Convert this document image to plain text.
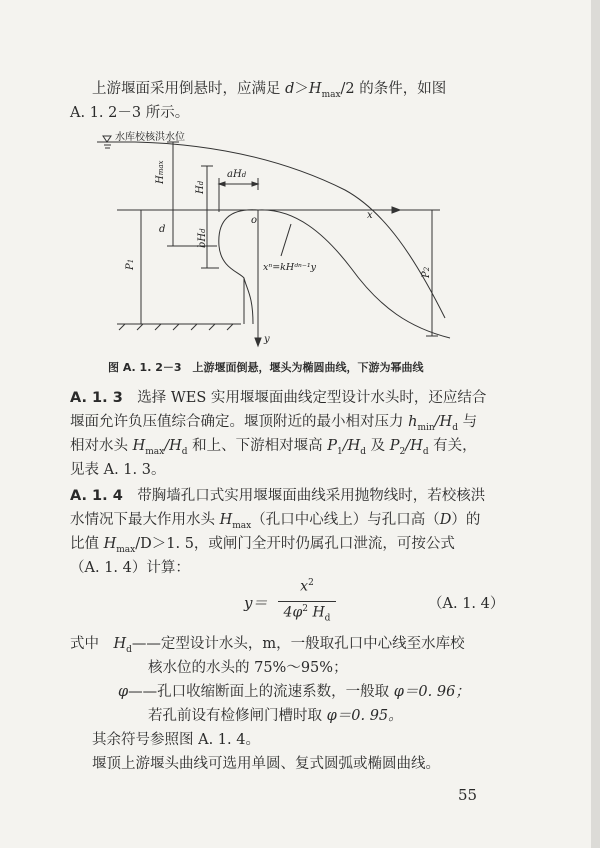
上游堰面采用倒悬时，应满足 $d>H_{max}/2$ 的条件，如图
A. 1. 2－3 所示。
水库校核洪水位
Hmax
Hd
aHd
o	x
d
bHd
P1
P2
y
xⁿ=kHᵈⁿ⁻¹y
图 A. 1. 2－3　上游堰面倒悬，堰头为椭圆曲线，下游为幂曲线
A. 1. 3　 选择 WES 实用堰堰面曲线定型设计水头时，还应结合
堰面允许负压值综合确定。堰顶附近的最小相对压力 $h_{min}/H_d$ 与
相对水头 $H_{max}/H_d$ 和上、下游相对堰高 $P_1/H_d$ 及 $P_2/H_d$ 有关，
见表 A. 1. 3。
A. 1. 4　 带胸墙孔口式实用堰堰面曲线采用抛物线时，若校核洪
水情况下最大作用水头 $H_{max}$（孔口中心线上）与孔口高（D）的
比值 $H_{max}/D>1$. 5，或闸门全开时仍属孔口泄流，可按公式
（A. 1. 4）计算：
y＝
$x^2$
$4\varphi^2$ $H_d$
（A. 1. 4）
式中　 $H_d——$定型设计水头，m，一般取孔口中心线至水库校
核水位的水头的 75%～95%；
φ——孔口收缩断面上的流速系数，一般取 φ＝0. 96；
若孔前设有检修闸门槽时取 φ＝0. 95。
其余符号参照图 A. 1. 4。
堰顶上游堰头曲线可选用单圆、复式圆弧或椭圆曲线。
55
